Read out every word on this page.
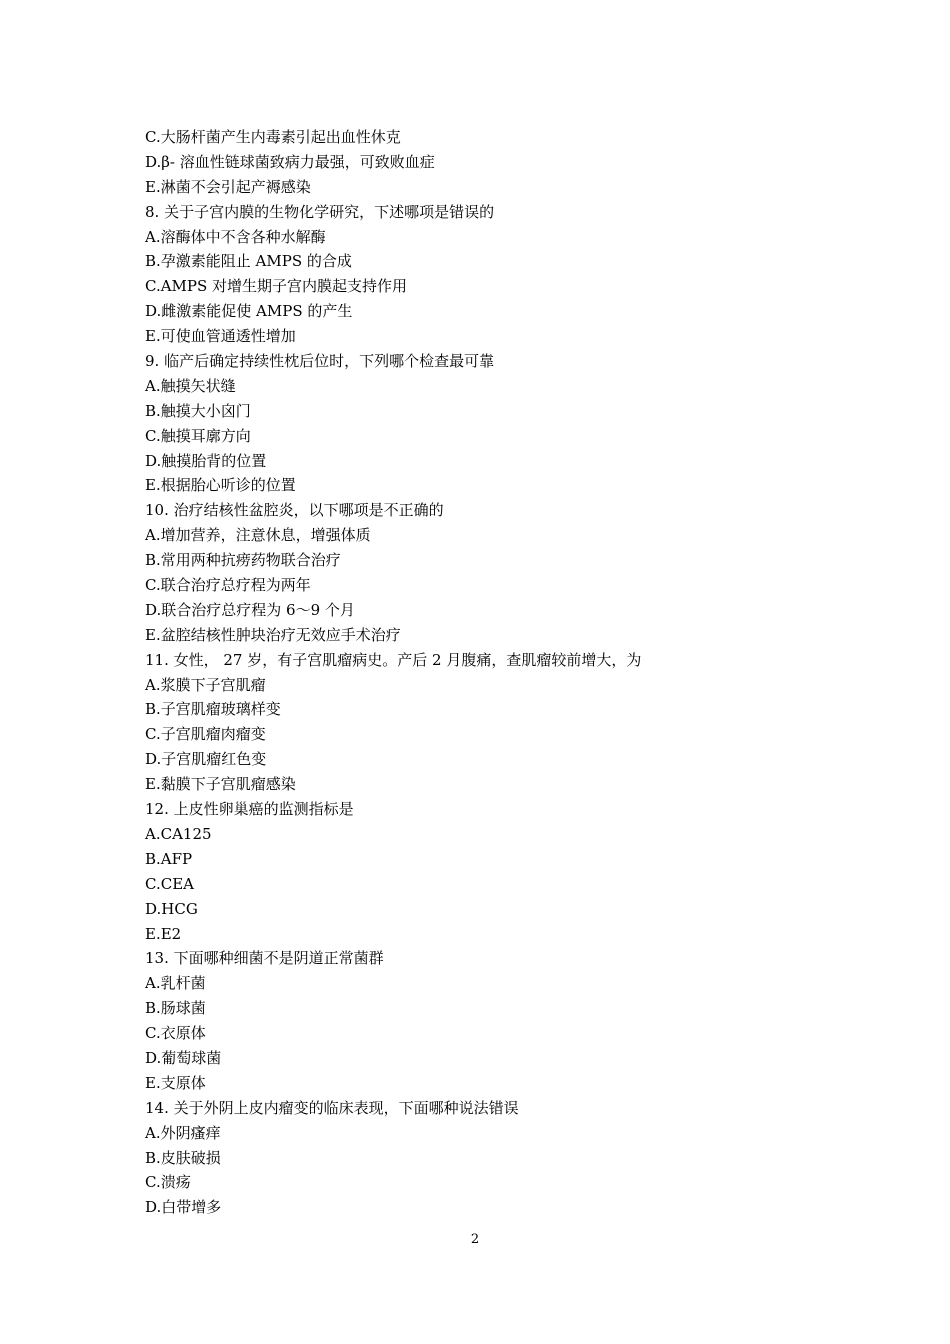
C.大肠杆菌产生内毒素引起出血性休克
D.β- 溶血性链球菌致病力最强，可致败血症
E.淋菌不会引起产褥感染
8. 关于子宫内膜的生物化学研究，下述哪项是错误的
A.溶酶体中不含各种水解酶
B.孕激素能阻止 AMPS 的合成
C.AMPS 对增生期子宫内膜起支持作用
D.雌激素能促使 AMPS 的产生
E.可使血管通透性增加
9. 临产后确定持续性枕后位时，下列哪个检查最可靠
A.触摸矢状缝
B.触摸大小囟门
C.触摸耳廓方向
D.触摸胎背的位置
E.根据胎心听诊的位置
10. 治疗结核性盆腔炎，以下哪项是不正确的
A.增加营养，注意休息，增强体质
B.常用两种抗痨药物联合治疗
C.联合治疗总疗程为两年
D.联合治疗总疗程为 6～9 个月
E.盆腔结核性肿块治疗无效应手术治疗
11. 女性， 27 岁，有子宫肌瘤病史。产后 2 月腹痛，查肌瘤较前增大，为
A.浆膜下子宫肌瘤
B.子宫肌瘤玻璃样变
C.子宫肌瘤肉瘤变
D.子宫肌瘤红色变
E.黏膜下子宫肌瘤感染
12. 上皮性卵巢癌的监测指标是
A.CA125
B.AFP
C.CEA
D.HCG
E.E2
13. 下面哪种细菌不是阴道正常菌群
A.乳杆菌
B.肠球菌
C.衣原体
D.葡萄球菌
E.支原体
14. 关于外阴上皮内瘤变的临床表现，下面哪种说法错误
A.外阴瘙痒
B.皮肤破损
C.溃疡
D.白带增多
2
